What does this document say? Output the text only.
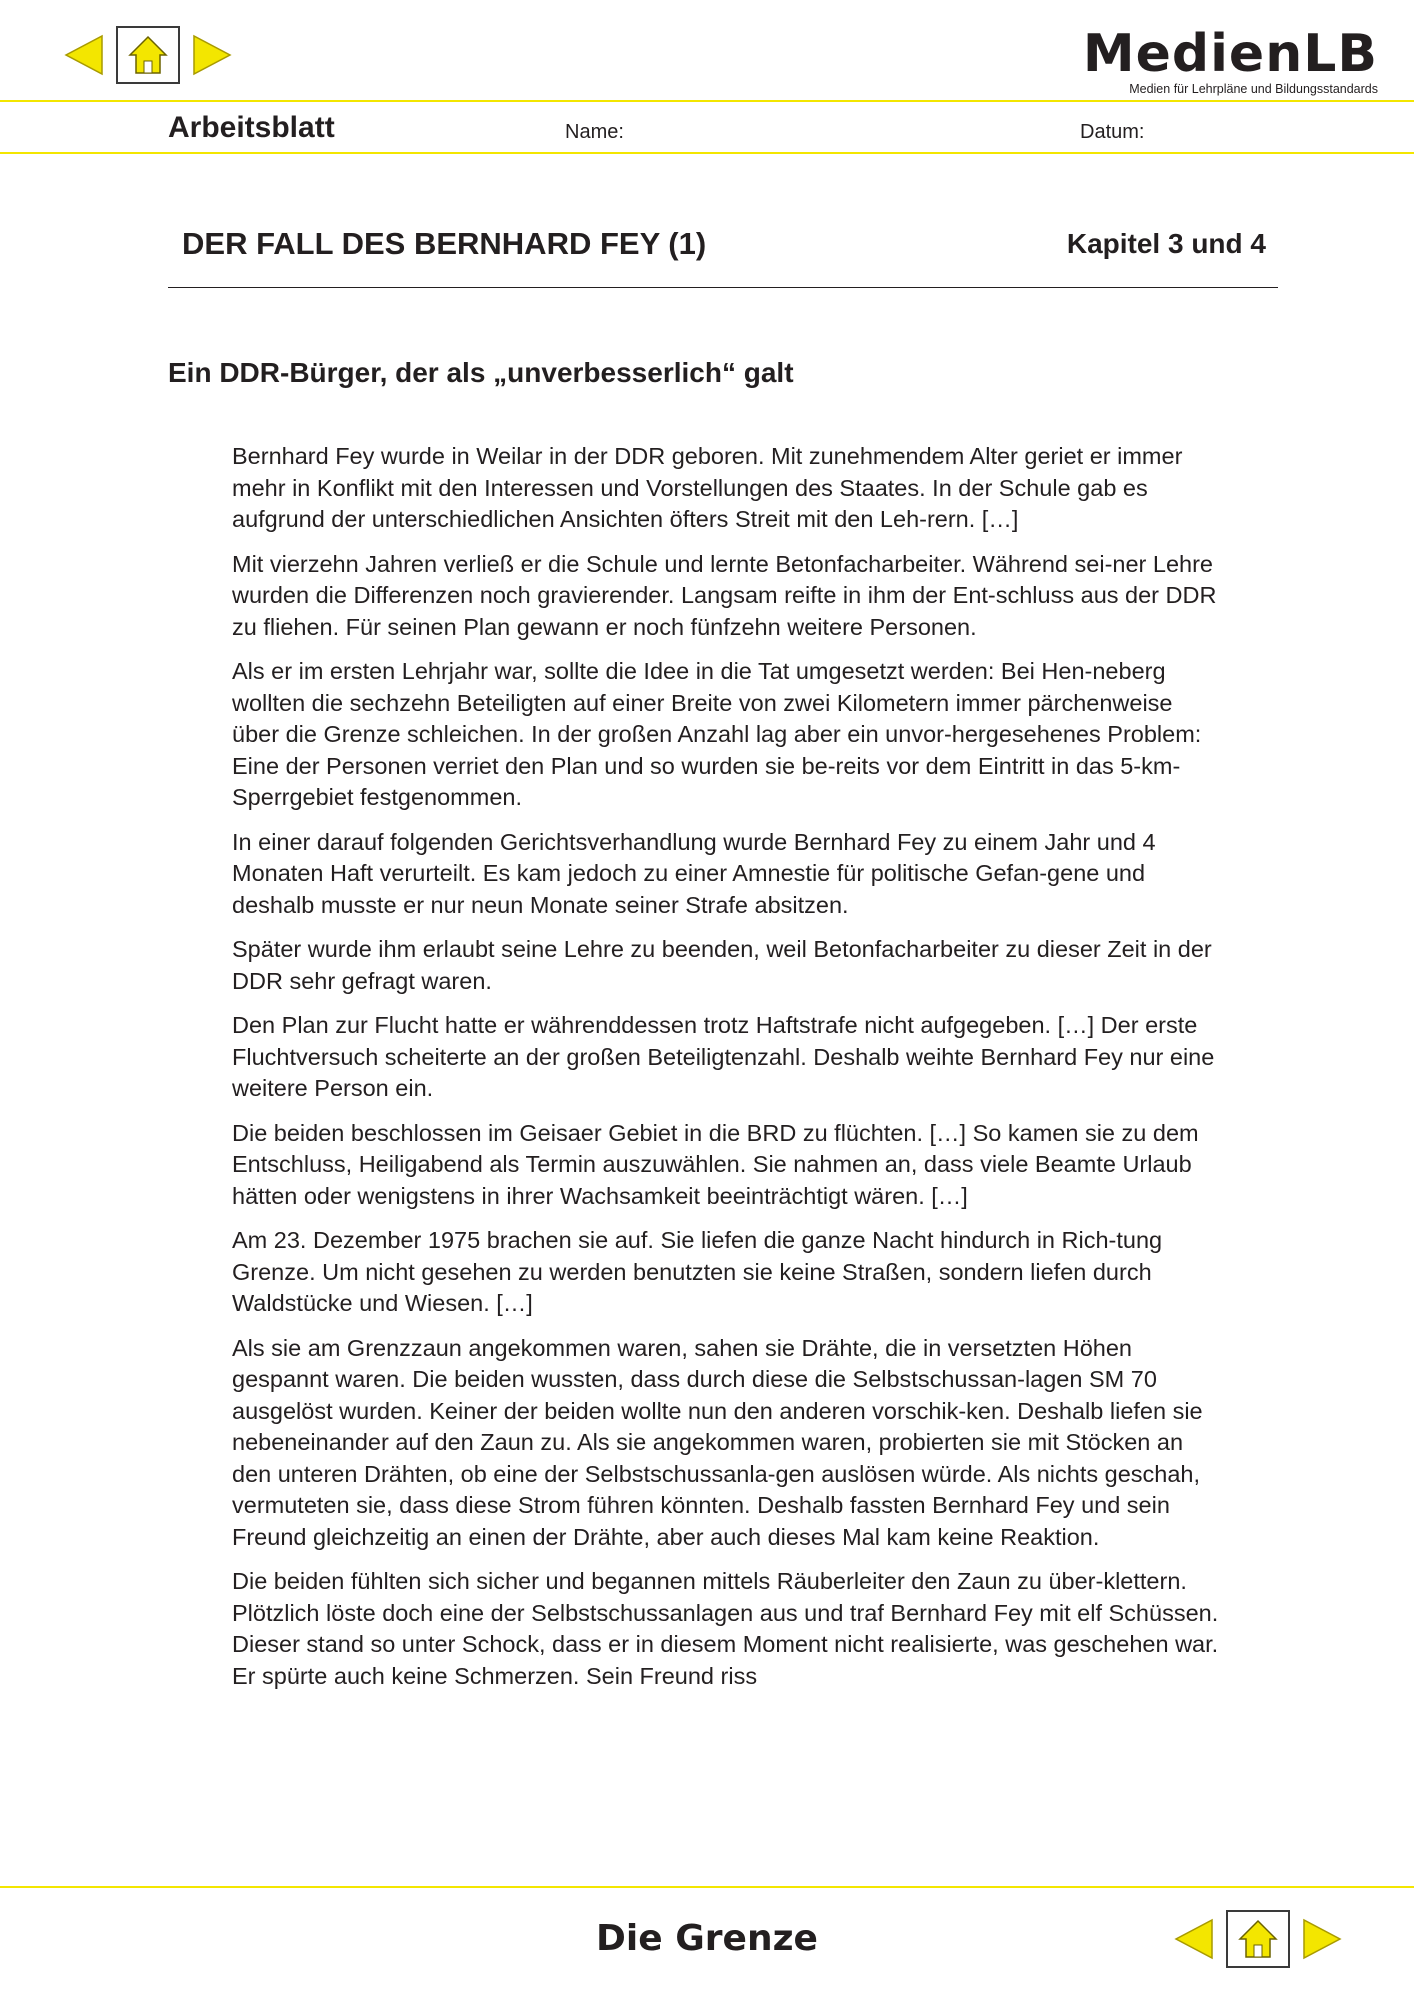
MedienLB
Medien für Lehrpläne und Bildungsstandards
Arbeitsblatt	Name:	Datum:
DER FALL DES BERNHARD FEY (1)	Kapitel 3 und 4
Ein DDR-Bürger, der als „unverbesserlich“ galt

Bernhard Fey wurde in Weilar in der DDR geboren. Mit zunehmendem Alter geriet er immer mehr in Konflikt mit den Interessen und Vorstellungen des Staates. In der Schule gab es aufgrund der unterschiedlichen Ansichten öfters Streit mit den Leh-rern. […]

Mit vierzehn Jahren verließ er die Schule und lernte Betonfacharbeiter. Während sei-ner Lehre wurden die Differenzen noch gravierender. Langsam reifte in ihm der Ent-schluss aus der DDR zu fliehen. Für seinen Plan gewann er noch fünfzehn weitere Personen.

Als er im ersten Lehrjahr war, sollte die Idee in die Tat umgesetzt werden: Bei Hen-neberg wollten die sechzehn Beteiligten auf einer Breite von zwei Kilometern immer pärchenweise über die Grenze schleichen. In der großen Anzahl lag aber ein unvor-hergesehenes Problem: Eine der Personen verriet den Plan und so wurden sie be-reits vor dem Eintritt in das 5-km-Sperrgebiet festgenommen.

In einer darauf folgenden Gerichtsverhandlung wurde Bernhard Fey zu einem Jahr und 4 Monaten Haft verurteilt. Es kam jedoch zu einer Amnestie für politische Gefan-gene und deshalb musste er nur neun Monate seiner Strafe absitzen.

Später wurde ihm erlaubt seine Lehre zu beenden, weil Betonfacharbeiter zu dieser Zeit in der DDR sehr gefragt waren.

Den Plan zur Flucht hatte er währenddessen trotz Haftstrafe nicht aufgegeben. […] Der erste Fluchtversuch scheiterte an der großen Beteiligtenzahl. Deshalb weihte Bernhard Fey nur eine weitere Person ein.

Die beiden beschlossen im Geisaer Gebiet in die BRD zu flüchten. […] So kamen sie zu dem Entschluss, Heiligabend als Termin auszuwählen. Sie nahmen an, dass viele Beamte Urlaub hätten oder wenigstens in ihrer Wachsamkeit beeinträchtigt wären. […]

Am 23. Dezember 1975 brachen sie auf. Sie liefen die ganze Nacht hindurch in Rich-tung Grenze. Um nicht gesehen zu werden benutzten sie keine Straßen, sondern liefen durch Waldstücke und Wiesen. […]

Als sie am Grenzzaun angekommen waren, sahen sie Drähte, die in versetzten Höhen gespannt waren. Die beiden wussten, dass durch diese die Selbstschussan-lagen SM 70 ausgelöst wurden. Keiner der beiden wollte nun den anderen vorschik-ken. Deshalb liefen sie nebeneinander auf den Zaun zu. Als sie angekommen waren, probierten sie mit Stöcken an den unteren Drähten, ob eine der Selbstschussanla-gen auslösen würde. Als nichts geschah, vermuteten sie, dass diese Strom führen könnten. Deshalb fassten Bernhard Fey und sein Freund gleichzeitig an einen der Drähte, aber auch dieses Mal kam keine Reaktion.

Die beiden fühlten sich sicher und begannen mittels Räuberleiter den Zaun zu über-klettern. Plötzlich löste doch eine der Selbstschussanlagen aus und traf Bernhard Fey mit elf Schüssen. Dieser stand so unter Schock, dass er in diesem Moment nicht realisierte, was geschehen war. Er spürte auch keine Schmerzen. Sein Freund riss

Die Grenze
